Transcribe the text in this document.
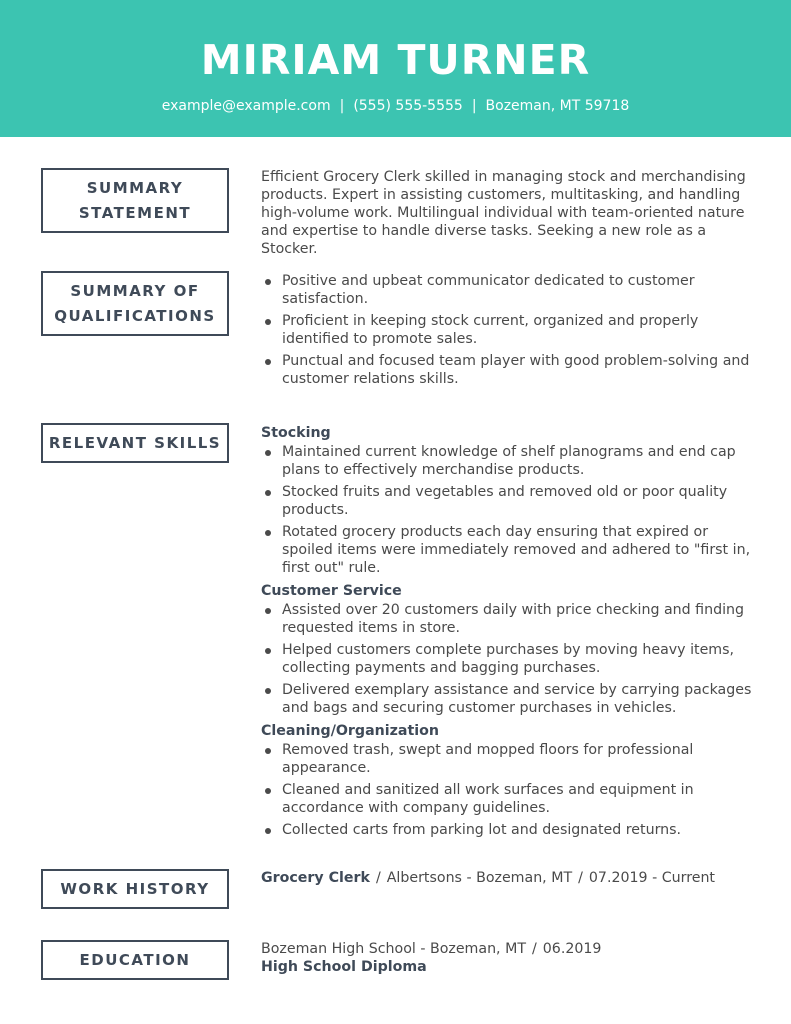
MIRIAM TURNER
example@example.com | (555) 555-5555 | Bozeman, MT 59718
SUMMARY
STATEMENT

Efficient Grocery Clerk skilled in managing stock and merchandising products. Expert in assisting customers, multitasking, and handling high-volume work. Multilingual individual with team-oriented nature and expertise to handle diverse tasks. Seeking a new role as a Stocker.

SUMMARY OF
QUALIFICATIONS
Positive and upbeat communicator dedicated to customer satisfaction.
Proficient in keeping stock current, organized and properly identified to promote sales.
Punctual and focused team player with good problem-solving and customer relations skills.
RELEVANT SKILLS
Stocking
Maintained current knowledge of shelf planograms and end cap plans to effectively merchandise products.
Stocked fruits and vegetables and removed old or poor quality products.
Rotated grocery products each day ensuring that expired or spoiled items were immediately removed and adhered to "first in, first out" rule.
Customer Service
Assisted over 20 customers daily with price checking and finding requested items in store.
Helped customers complete purchases by moving heavy items, collecting payments and bagging purchases.
Delivered exemplary assistance and service by carrying packages and bags and securing customer purchases in vehicles.
Cleaning/Organization
Removed trash, swept and mopped floors for professional appearance.
Cleaned and sanitized all work surfaces and equipment in accordance with company guidelines.
Collected carts from parking lot and designated returns.
WORK HISTORY
Grocery Clerk / Albertsons - Bozeman, MT / 07.2019 - Current
EDUCATION
Bozeman High School - Bozeman, MT / 06.2019
High School Diploma
